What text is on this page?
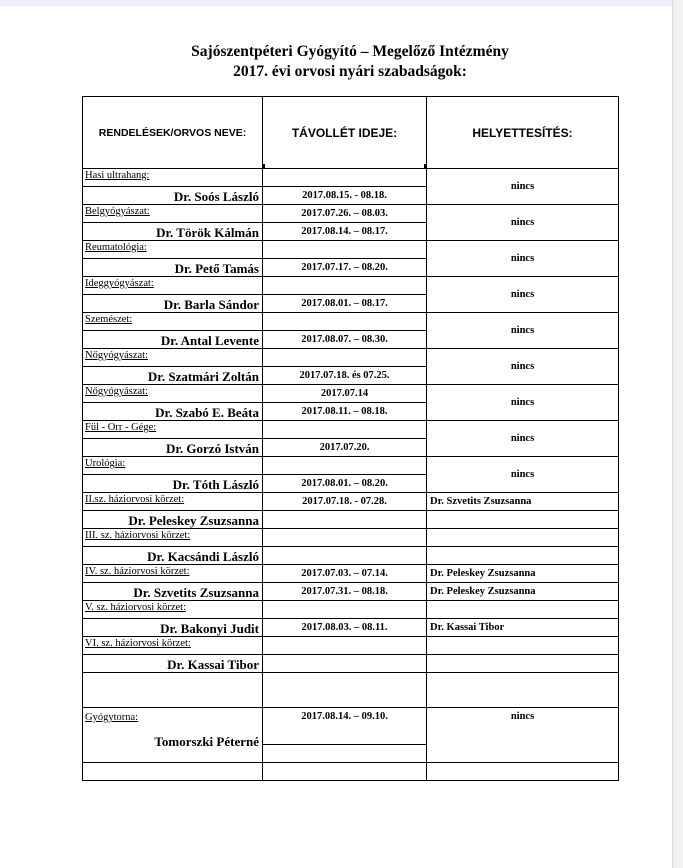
Sajószentpéteri Gyógyító – Megelőző Intézmény
2017. évi orvosi nyári szabadságok:
RENDELÉSEK/ORVOS NEVE:	TÁVOLLÉT IDEJE:	HELYETTESÍTÉS:
Hasi ultrahang:		nincs
Dr. Soós László	2017.08.15. - 08.18.	
Belgyógyászat:	2017.07.26. – 08.03.	nincs
Dr. Török Kálmán	2017.08.14. – 08.17.	
Reumatológia:		nincs
Dr. Pető Tamás	2017.07.17. – 08.20.	
Ideggyógyászat:		nincs
Dr. Barla Sándor	2017.08.01. – 08.17.	
Szemészet:		nincs
Dr. Antal Levente	2017.08.07. – 08.30.	
Nőgyógyászat:		nincs
Dr. Szatmári Zoltán	2017.07.18. és 07.25.	
Nőgyógyászat:	2017.07.14	nincs
Dr. Szabó E. Beáta	2017.08.11. – 08.18.	
Fül - Orr - Gége:		nincs
Dr. Gorzó István	2017.07.20.	
Urológia:		nincs
Dr. Tóth László	2017.08.01. – 08.20.	
II.sz. háziorvosi körzet:	2017.07.18. - 07.28.	Dr. Szvetits Zsuzsanna
Dr. Peleskey Zsuzsanna		
III. sz. háziorvosi körzet:		
Dr. Kacsándi László		
IV. sz. háziorvosi körzet:	2017.07.03. – 07.14.	Dr. Peleskey Zsuzsanna
Dr. Szvetits Zsuzsanna	2017.07.31. – 08.18.	Dr. Peleskey Zsuzsanna
V. sz. háziorvosi körzet:		
Dr. Bakonyi Judit	2017.08.03. – 08.11.	Dr. Kassai Tibor
VI. sz. háziorvosi körzet:		
Dr. Kassai Tibor		

Gyógytorna:
Tomorszki Péterné	2017.08.14. – 09.10.	nincs
